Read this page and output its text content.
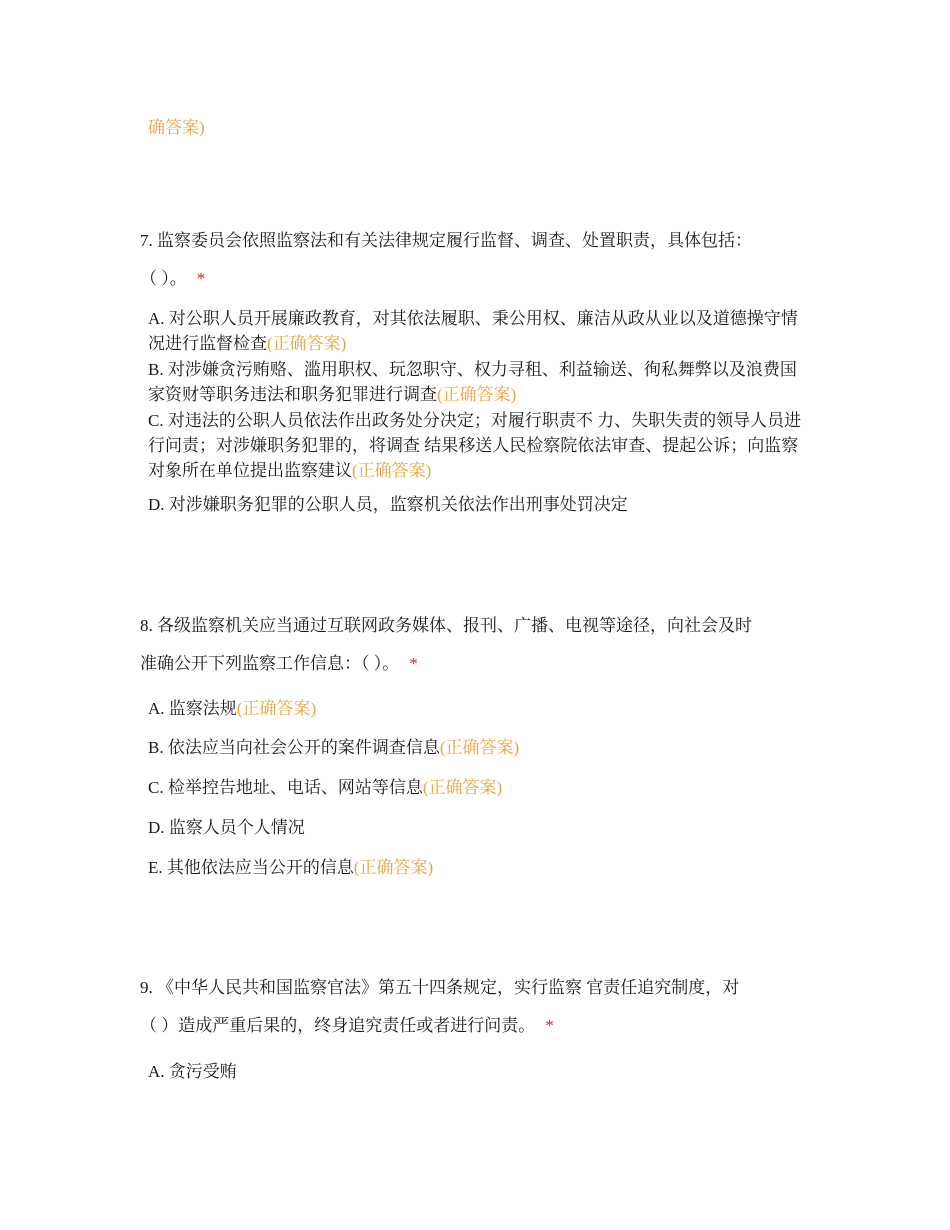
确答案)
7. 监察委员会依照监察法和有关法律规定履行监督、调查、处置职责，具体包括：
（ ）。 *
A. 对公职人员开展廉政教育，对其依法履职、秉公用权、廉洁从政从业以及道德操守情况进行监督检查(正确答案)
B. 对涉嫌贪污贿赂、滥用职权、玩忽职守、权力寻租、利益输送、徇私舞弊以及浪费国家资财等职务违法和职务犯罪进行调查(正确答案)
C. 对违法的公职人员依法作出政务处分决定；对履行职责不 力、失职失责的领导人员进行问责；对涉嫌职务犯罪的，将调查 结果移送人民检察院依法审查、提起公诉；向监察对象所在单位提出监察建议(正确答案)
D. 对涉嫌职务犯罪的公职人员，监察机关依法作出刑事处罚决定
8. 各级监察机关应当通过互联网政务媒体、报刊、广播、电视等途径，向社会及时
准确公开下列监察工作信息：（ ）。 *
A. 监察法规(正确答案)
B. 依法应当向社会公开的案件调查信息(正确答案)
C. 检举控告地址、电话、网站等信息(正确答案)
D. 监察人员个人情况
E. 其他依法应当公开的信息(正确答案)
9. 《中华人民共和国监察官法》第五十四条规定，实行监察 官责任追究制度，对
（ ）造成严重后果的，终身追究责任或者进行问责。 *
A. 贪污受贿
